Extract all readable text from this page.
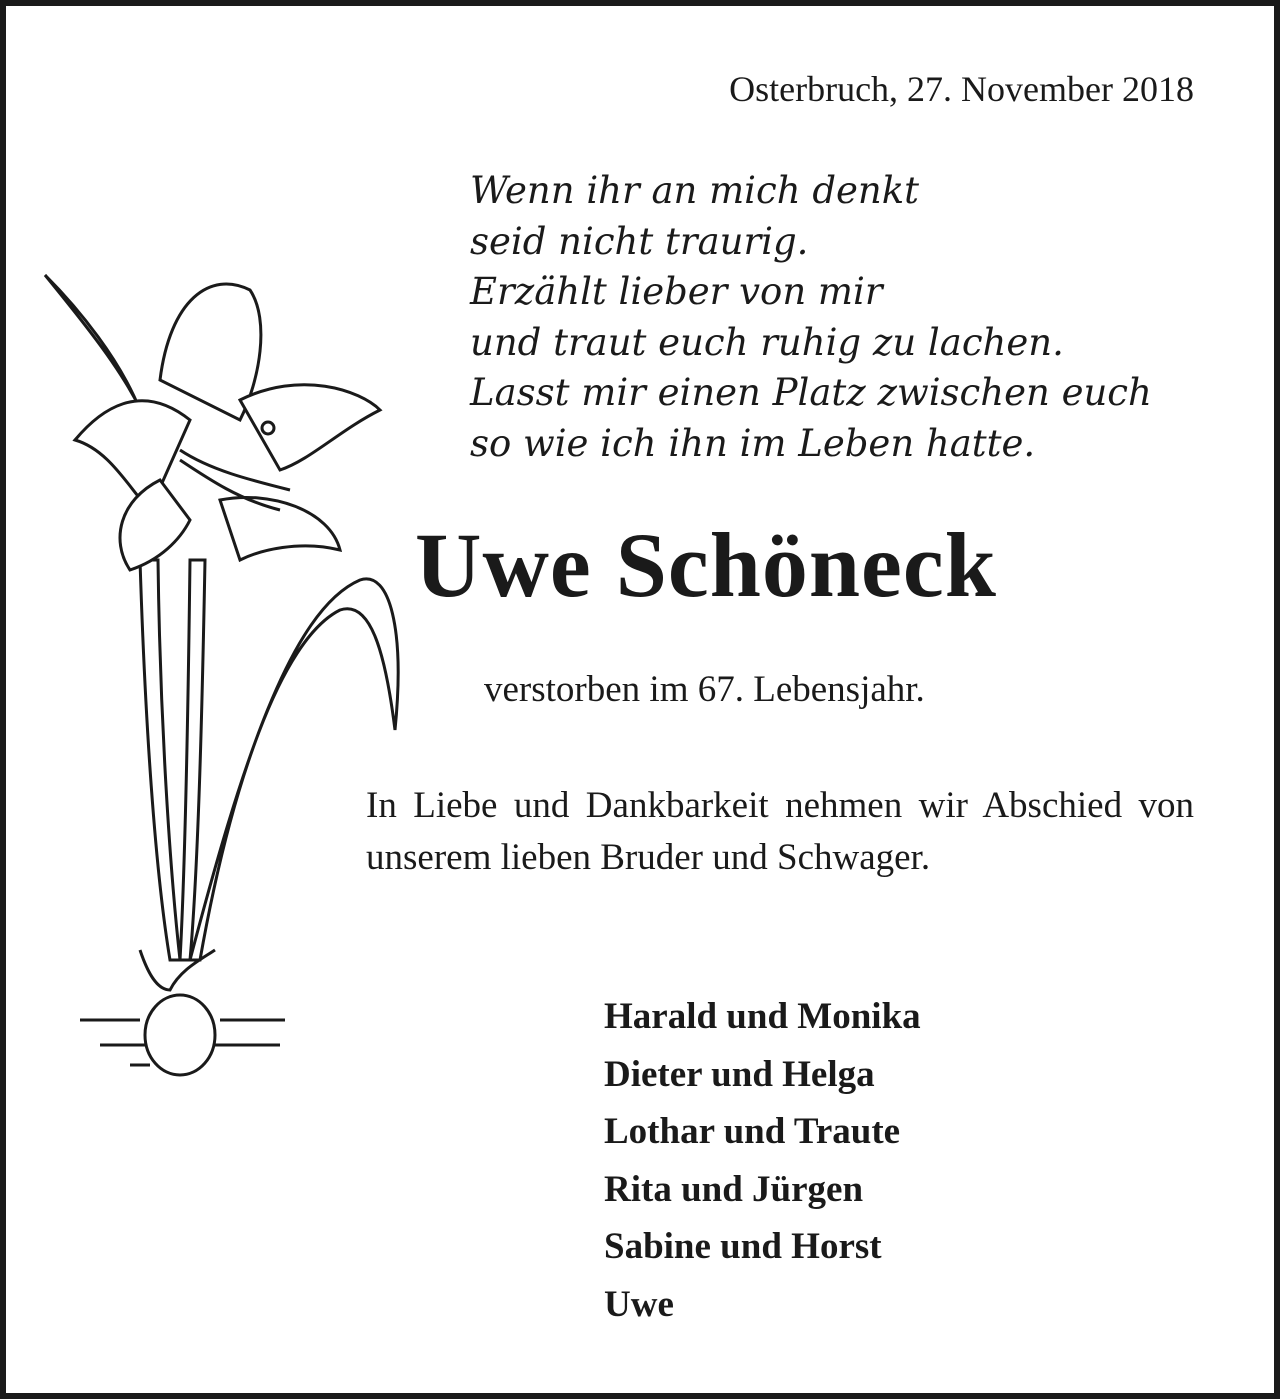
Osterbruch, 27. November 2018
Wenn ihr an mich denkt
seid nicht traurig.
Erzählt lieber von mir
und traut euch ruhig zu lachen.
Lasst mir einen Platz zwischen euch
so wie ich ihn im Leben hatte.
Uwe Schöneck
verstorben im 67. Lebensjahr.
In Liebe und Dankbarkeit nehmen wir Abschied von unserem lieben Bruder und Schwager.
Harald und Monika
Dieter und Helga
Lothar und Traute
Rita und Jürgen
Sabine und Horst
Uwe
